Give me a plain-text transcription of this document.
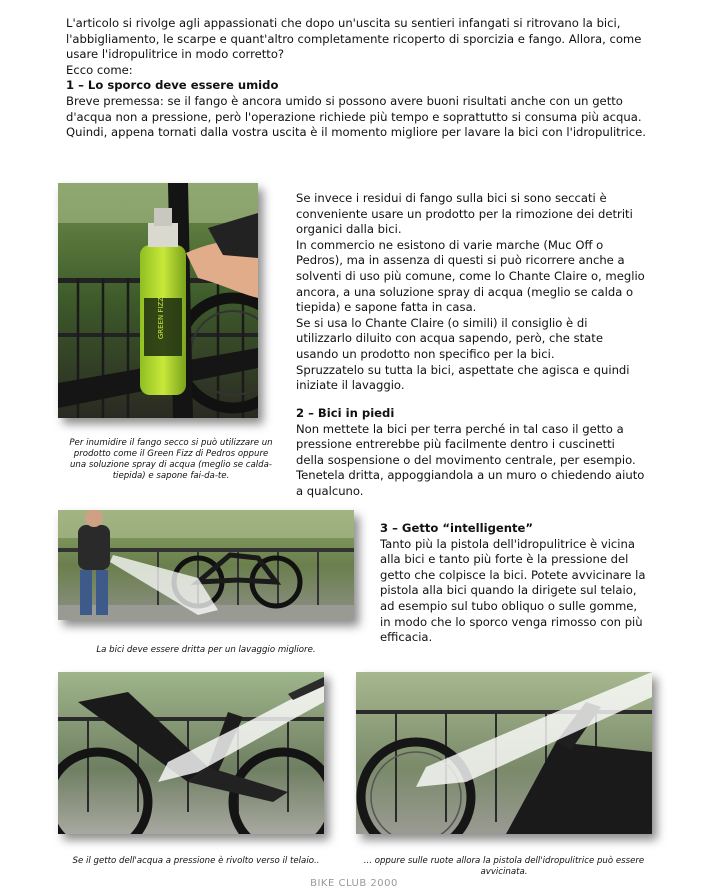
L'articolo si rivolge agli appassionati che dopo un'uscita su sentieri infangati si ritrovano la bici, l'abbigliamento, le scarpe e quant'altro completamente ricoperto di sporcizia e fango. Allora, come usare l'idropulitrice in modo corretto?

Ecco come:

1 – Lo sporco deve essere umido

Breve premessa: se il fango è ancora umido si possono avere buoni risultati anche con un getto d'acqua non a pressione, però l'operazione richiede più tempo e soprattutto si consuma più acqua.

Quindi, appena tornati dalla vostra uscita è il momento migliore per lavare la bici con l'idropulitrice.

GREEN FIZZ
Per inumidire il fango secco si può utilizzare un prodotto come il Green Fizz di Pedros oppure una soluzione spray di acqua (meglio se calda-tiepida) e sapone fai-da-te.

Se invece i residui di fango sulla bici si sono seccati è conveniente usare un prodotto per la rimozione dei detriti organici dalla bici.

In commercio ne esistono di varie marche (Muc Off o Pedros), ma in assenza di questi si può ricorrere anche a solventi di uso più comune, come lo Chante Claire o, meglio ancora, a una soluzione spray di acqua (meglio se calda o tiepida) e sapone fatta in casa.

Se si usa lo Chante Claire (o simili) il consiglio è di utilizzarlo diluito con acqua sapendo, però, che state usando un prodotto non specifico per la bici.

Spruzzatelo su tutta la bici, aspettate che agisca e quindi iniziate il lavaggio.

2 – Bici in piedi

Non mettete la bici per terra perché in tal caso il getto a pressione entrerebbe più facilmente dentro i cuscinetti della sospensione o del movimento centrale, per esempio. Tenetela dritta, appoggiandola a un muro o chiedendo aiuto a qualcuno.

La bici deve essere dritta per un lavaggio migliore.
3 – Getto “intelligente”

Tanto più la pistola dell'idropulitrice è vicina alla bici e tanto più forte è la pressione del getto che colpisce la bici. Potete avvicinare la pistola alla bici quando la dirigete sul telaio, ad esempio sul tubo obliquo o sulle gomme, in modo che lo sporco venga rimosso con più efficacia.

Se il getto dell'acqua a pressione è rivolto verso il telaio..	... oppure sulle ruote allora la pistola dell'idropulitrice può essere avvicinata.
BIKE CLUB 2000
